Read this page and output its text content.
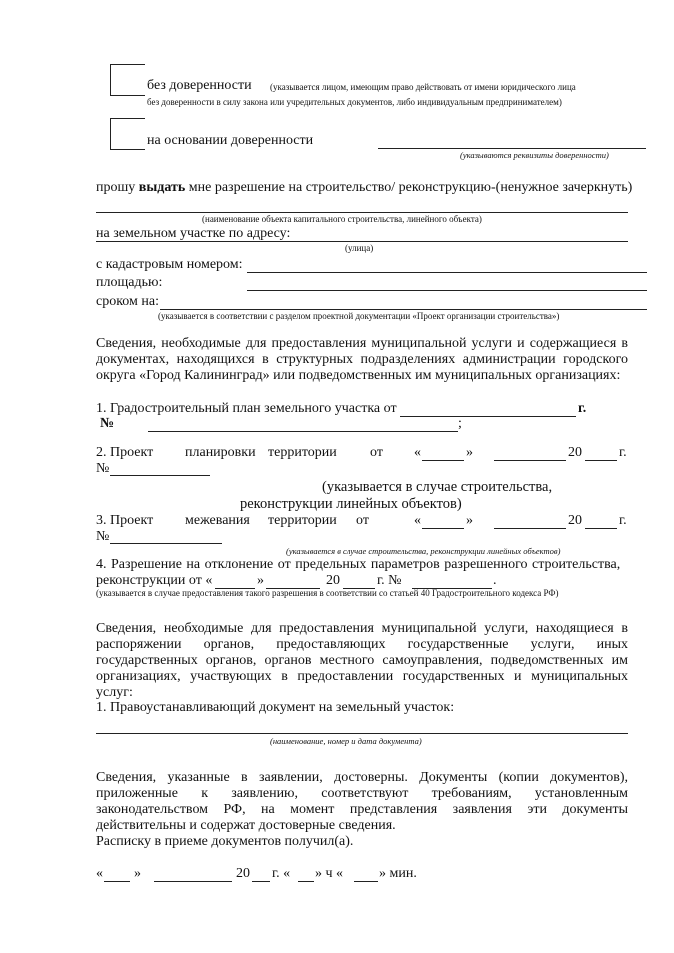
без доверенности (указывается лицом, имеющим право действовать от имени юридического лица
без доверенности в силу закона или учредительных документов, либо индивидуальным предпринимателем)
на основании доверенности
(указываются реквизиты доверенности)
прошу выдать мне разрешение на строительство/ реконструкцию-(ненужное зачеркнуть)
(наименование объекта капитального строительства, линейного объекта)
на земельном участке по адресу:
(улица)
с кадастровым номером:
площадью:
сроком на:
(указывается в соответствии с разделом проектной документации «Проект организации строительства»)

Сведения, необходимые для предоставления муниципальной услуги и содержащиеся в документах, находящихся в структурных подразделениях администрации городского округа «Город Калининград» или подведомственных им муниципальных организациях:

1. Градостроительный план земельного участка от	г.
№	;
2. Проект планировки территории от «	»	20	г.
№
(указывается в случае строительства,
реконструкции линейных объектов)
3. Проект межевания территории от	«	»	20	г.
№
(указывается в случае строительства, реконструкции линейных объектов)
4. Разрешение на отклонение от предельных параметров разрешенного строительства,
реконструкции от «	»	20	г. №	.
(указывается в случае предоставления такого разрешения в соответствии со статьей 40 Градостроительного кодекса РФ)

Сведения, необходимые для предоставления муниципальной услуги, находящиеся в распоряжении органов, предоставляющих государственные услуги, иных государственных органов, органов местного самоуправления, подведомственных им организациях, участвующих в предоставлении государственных и муниципальных услуг:

1. Правоустанавливающий документ на земельный участок:
(наименование, номер и дата документа)

Сведения, указанные в заявлении, достоверны. Документы (копии документов), приложенные к заявлению, соответствуют требованиям, установленным законодательством РФ, на момент представления заявления эти документы действительны и содержат достоверные сведения.

Расписку в приеме документов получил(а).
« »	20 г. « » ч «	» мин.
